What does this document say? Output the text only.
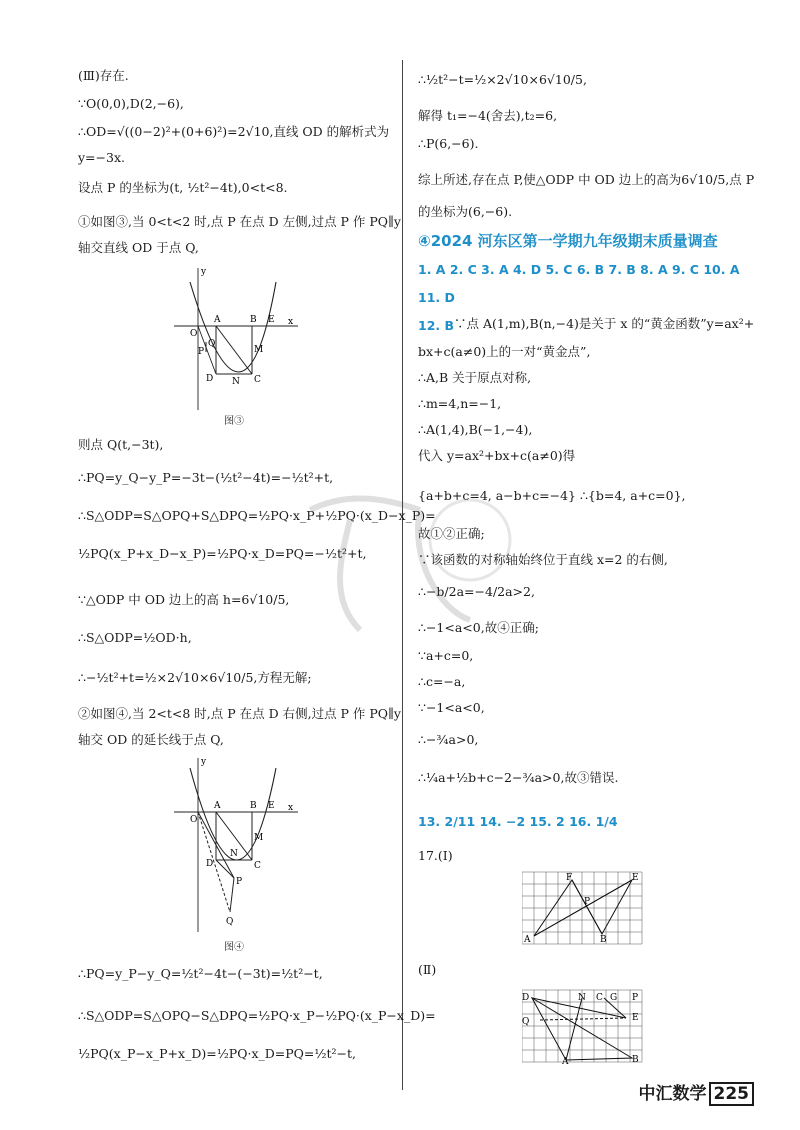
(Ⅲ)存在.
∵O(0,0),D(2,−6),
∴OD=√((0−2)²+(0+6)²)=2√10,直线 OD 的解析式为
y=−3x.
设点 P 的坐标为(t, ½t²−4t),0<t<8.
①如图③,当 0<t<2 时,点 P 在点 D 左侧,过点 P 作 PQ∥y
轴交直线 OD 于点 Q,
O
A	B E
D N C
M
P
Q
x
y
图③
则点 Q(t,−3t),
∴PQ=y_Q−y_P=−3t−(½t²−4t)=−½t²+t,
∴S△ODP=S△OPQ+S△DPQ=½PQ·x_P+½PQ·(x_D−x_P)=
½PQ(x_P+x_D−x_P)=½PQ·x_D=PQ=−½t²+t,
∵△ODP 中 OD 边上的高 h=6√10/5,
∴S△ODP=½OD·h,
∴−½t²+t=½×2√10×6√10/5,方程无解;
②如图④,当 2<t<8 时,点 P 在点 D 右侧,过点 P 作 PQ∥y
轴交 OD 的延长线于点 Q,
O
A	B E
D
N
C
M
P
Q
x
y
图④
∴PQ=y_P−y_Q=½t²−4t−(−3t)=½t²−t,
∴S△ODP=S△OPQ−S△DPQ=½PQ·x_P−½PQ·(x_P−x_D)=
½PQ(x_P−x_P+x_D)=½PQ·x_D=PQ=½t²−t,
∴½t²−t=½×2√10×6√10/5,
解得 t₁=−4(舍去),t₂=6,
∴P(6,−6).
综上所述,存在点 P,使△ODP 中 OD 边上的高为6√10/5,点 P
的坐标为(6,−6).
④2024 河东区第一学期九年级期末质量调查
1. A 2. C 3. A 4. D 5. C 6. B 7. B 8. A 9. C 10. A
11. D
12. B ∵点 A(1,m),B(n,−4)是关于 x 的“黄金函数”y=ax²+
bx+c(a≠0)上的一对“黄金点”,
∴A,B 关于原点对称,
∴m=4,n=−1,
∴A(1,4),B(−1,−4),
代入 y=ax²+bx+c(a≠0)得
{a+b+c=4, a−b+c=−4} ∴{b=4, a+c=0},
故①②正确;
∵该函数的对称轴始终位于直线 x=2 的右侧,
∴−b/2a=−4/2a>2,
∴−1<a<0,故④正确;
∵a+c=0,
∴c=−a,
∵−1<a<0,
∴−¾a>0,
∴¼a+½b+c−2−¾a>0,故③错误.
13. 2/11 14. −2 15. 2 16. 1/4
17.(Ⅰ)
A
F
B
E
P
(Ⅱ)
D	N C G P
Q	E
A	B
中汇数学 225
